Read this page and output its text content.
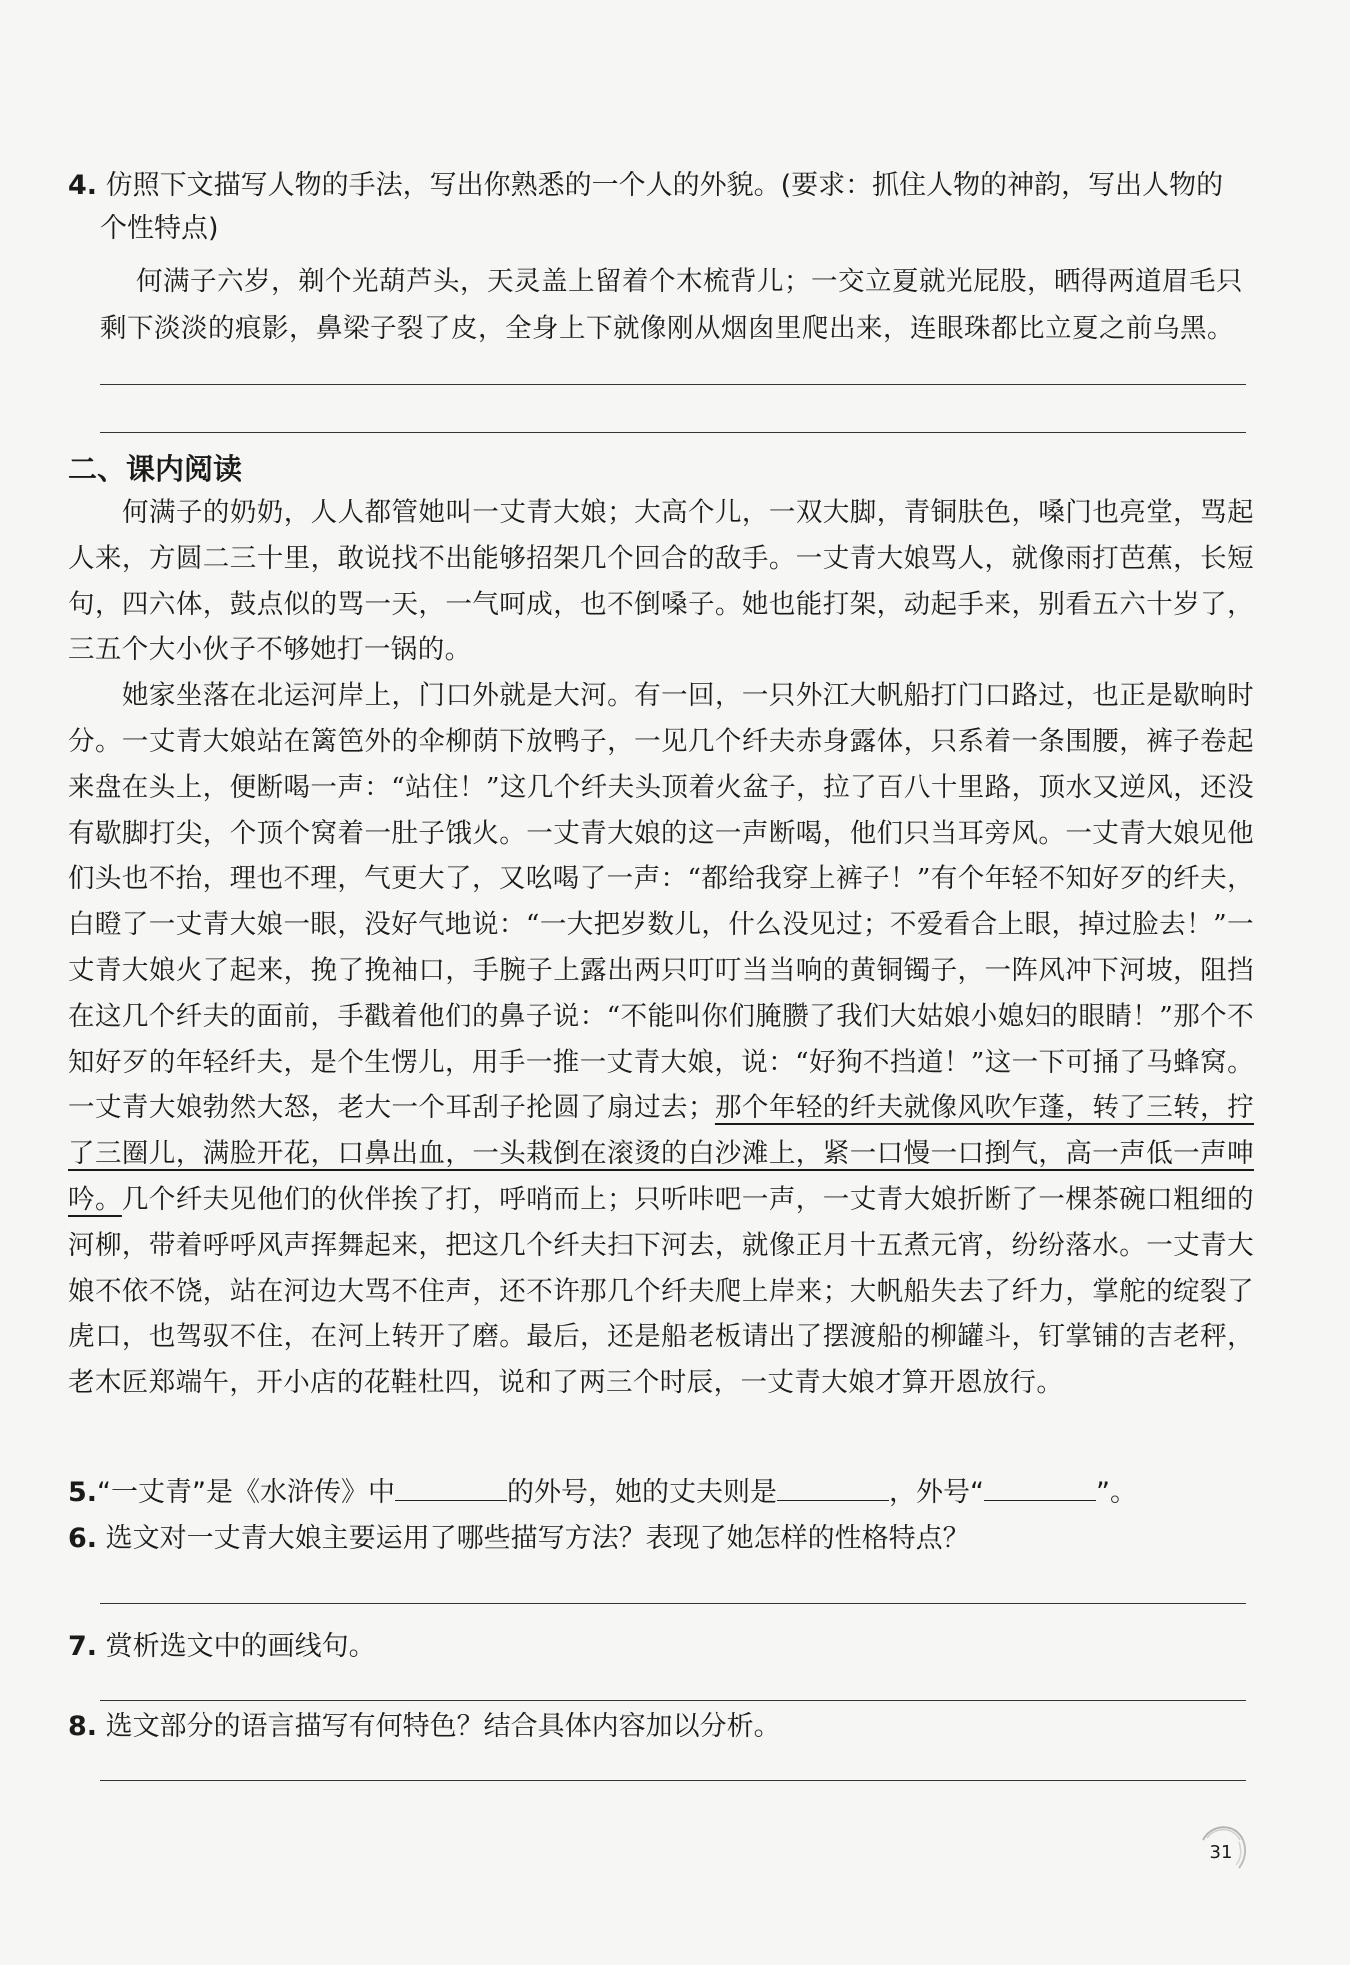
4. 仿照下文描写人物的手法，写出你熟悉的一个人的外貌。(要求：抓住人物的神韵，写出人物的
个性特点)

何满子六岁，剃个光葫芦头，天灵盖上留着个木梳背儿；一交立夏就光屁股，晒得两道眉毛只剩下淡淡的痕影，鼻梁子裂了皮，全身上下就像刚从烟囱里爬出来，连眼珠都比立夏之前乌黑。

二、课内阅读

何满子的奶奶，人人都管她叫一丈青大娘；大高个儿，一双大脚，青铜肤色，嗓门也亮堂，骂起人来，方圆二三十里，敢说找不出能够招架几个回合的敌手。一丈青大娘骂人，就像雨打芭蕉，长短句，四六体，鼓点似的骂一天，一气呵成，也不倒嗓子。她也能打架，动起手来，别看五六十岁了，三五个大小伙子不够她打一锅的。

她家坐落在北运河岸上，门口外就是大河。有一回，一只外江大帆船打门口路过，也正是歇晌时分。一丈青大娘站在篱笆外的伞柳荫下放鸭子，一见几个纤夫赤身露体，只系着一条围腰，裤子卷起来盘在头上，便断喝一声：“站住！”这几个纤夫头顶着火盆子，拉了百八十里路，顶水又逆风，还没有歇脚打尖，个顶个窝着一肚子饿火。一丈青大娘的这一声断喝，他们只当耳旁风。一丈青大娘见他们头也不抬，理也不理，气更大了，又吆喝了一声：“都给我穿上裤子！”有个年轻不知好歹的纤夫，白瞪了一丈青大娘一眼，没好气地说：“一大把岁数儿，什么没见过；不爱看合上眼，掉过脸去！”一丈青大娘火了起来，挽了挽袖口，手腕子上露出两只叮叮当当响的黄铜镯子，一阵风冲下河坡，阻挡在这几个纤夫的面前，手戳着他们的鼻子说：“不能叫你们腌臜了我们大姑娘小媳妇的眼睛！”那个不知好歹的年轻纤夫，是个生愣儿，用手一推一丈青大娘，说：“好狗不挡道！”这一下可捅了马蜂窝。一丈青大娘勃然大怒，老大一个耳刮子抡圆了扇过去；那个年轻的纤夫就像风吹乍蓬，转了三转，拧了三圈儿，满脸开花，口鼻出血，一头栽倒在滚烫的白沙滩上，紧一口慢一口捯气，高一声低一声呻吟。几个纤夫见他们的伙伴挨了打，呼哨而上；只听咔吧一声，一丈青大娘折断了一棵茶碗口粗细的河柳，带着呼呼风声挥舞起来，把这几个纤夫扫下河去，就像正月十五煮元宵，纷纷落水。一丈青大娘不依不饶，站在河边大骂不住声，还不许那几个纤夫爬上岸来；大帆船失去了纤力，掌舵的绽裂了虎口，也驾驭不住，在河上转开了磨。最后，还是船老板请出了摆渡船的柳罐斗，钉掌铺的吉老秤，老木匠郑端午，开小店的花鞋杜四，说和了两三个时辰，一丈青大娘才算开恩放行。

5.“一丈青”是《水浒传》中	的外号，她的丈夫则是	，外号“	”。
6. 选文对一丈青大娘主要运用了哪些描写方法？表现了她怎样的性格特点？
7. 赏析选文中的画线句。
8. 选文部分的语言描写有何特色？结合具体内容加以分析。
31
